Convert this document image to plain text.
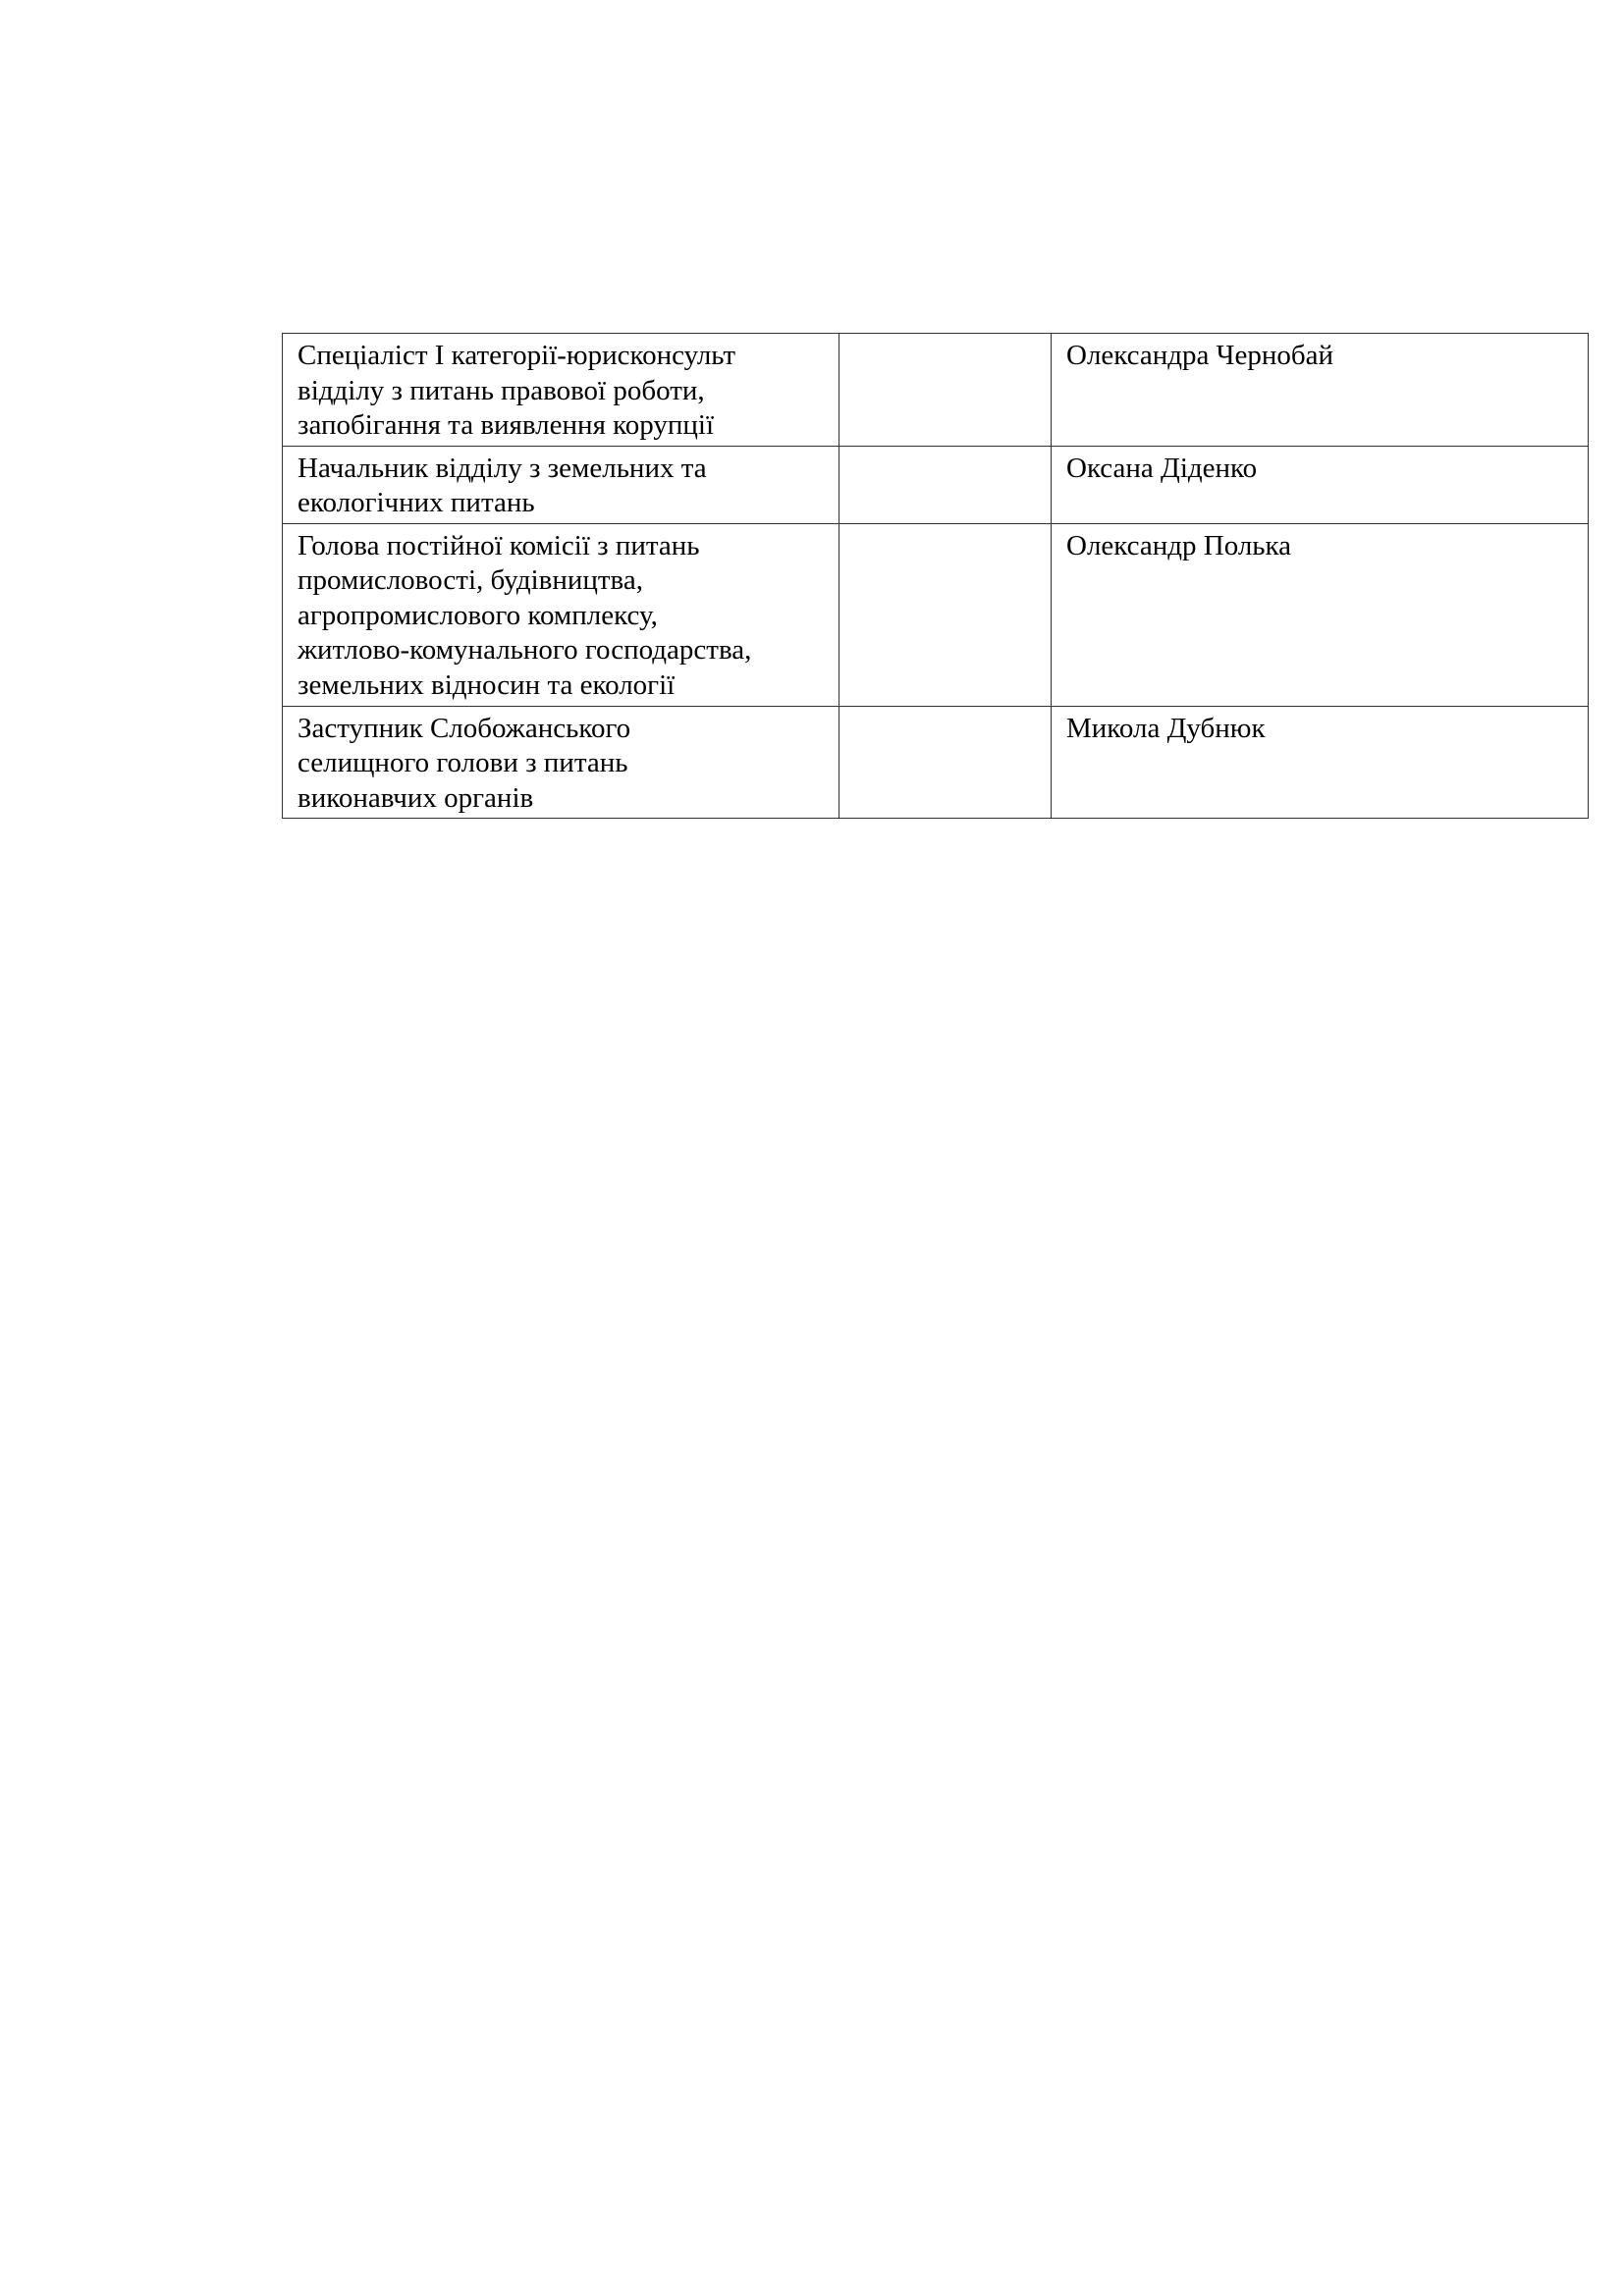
Спеціаліст І категорії-юрисконсульт
відділу з питань правової роботи,
запобігання та виявлення корупції		Олександра Чернобай

Начальник відділу з земельних та
екологічних питань		Оксана Діденко

Голова постійної комісії з питань
промисловості, будівництва,
агропромислового комплексу,
житлово-комунального господарства,
земельних відносин та екології		Олександр Полька

Заступник Слобожанського
селищного голови з питань
виконавчих органів		Микола Дубнюк
